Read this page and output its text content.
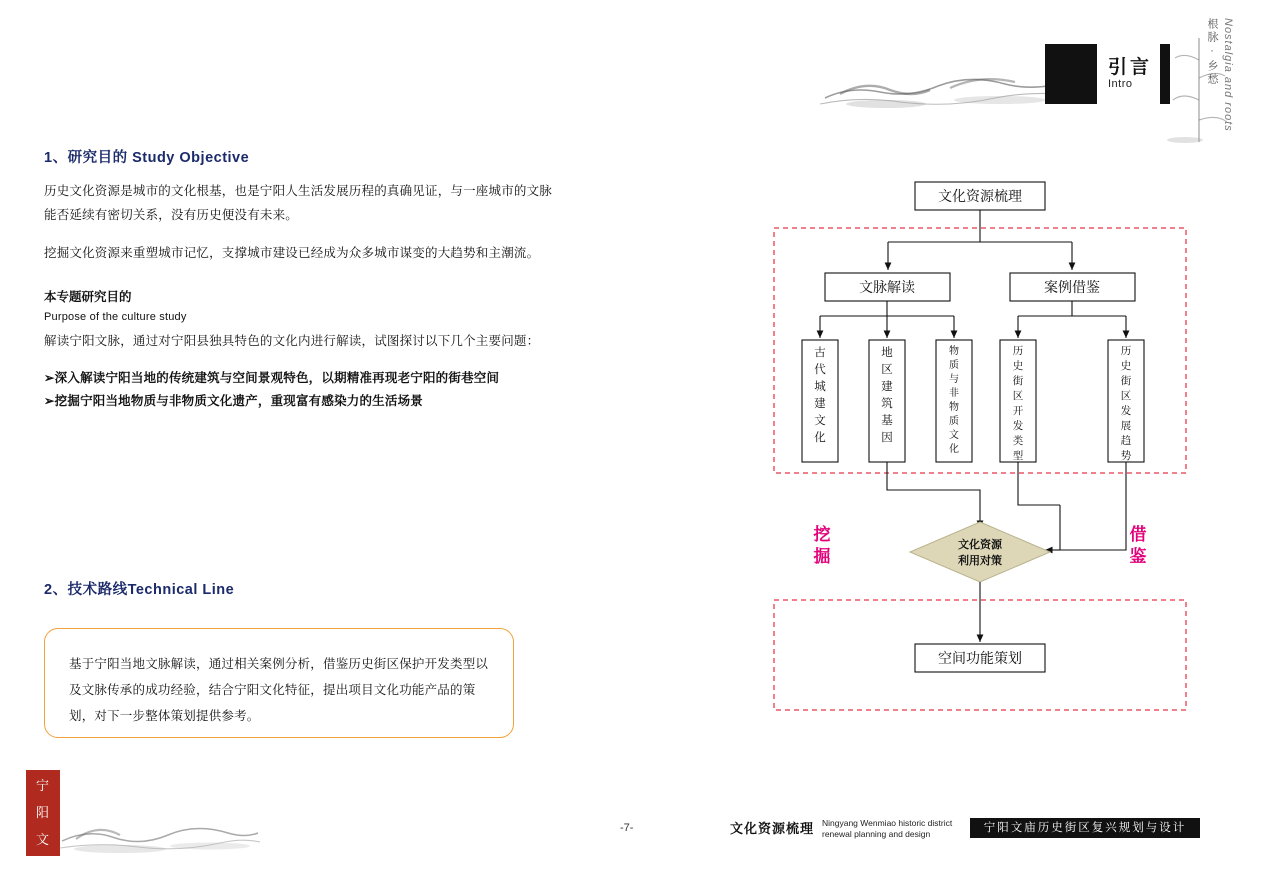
引言
Intro	根脉 · 乡愁 Nostalgia and roots
1、研究目的 Study Objective
历史文化资源是城市的文化根基，也是宁阳人生活发展历程的真确见证，与一座城市的文脉能否延续有密切关系，没有历史便没有未来。
挖掘文化资源来重塑城市记忆，支撑城市建设已经成为众多城市谋变的大趋势和主潮流。
本专题研究目的
Purpose of the culture study
解读宁阳文脉，通过对宁阳县独具特色的文化内进行解读，试图探讨以下几个主要问题：
➢深入解读宁阳当地的传统建筑与空间景观特色，以期精准再现老宁阳的街巷空间
➢挖掘宁阳当地物质与非物质文化遗产，重现富有感染力的生活场景
2、技术路线Technical Line

基于宁阳当地文脉解读，通过相关案例分析，借鉴历史街区保护开发类型以及文脉传承的成功经验，结合宁阳文化特征，提出项目文化功能产品的策划，对下一步整体策划提供参考。

宁
阳
文
庙
文化资源梳理
文脉解读	案例借鉴
古代城建文化
地区建筑基因
物质与非物质文化
历史街区开发类型
历史街区发展趋势
文化资源
利用对策
空间功能策划
挖掘
借鉴
-7-	文化资源梳理 Ningyang Wenmiao historic district renewal planning and design	宁阳文庙历史街区复兴规划与设计
